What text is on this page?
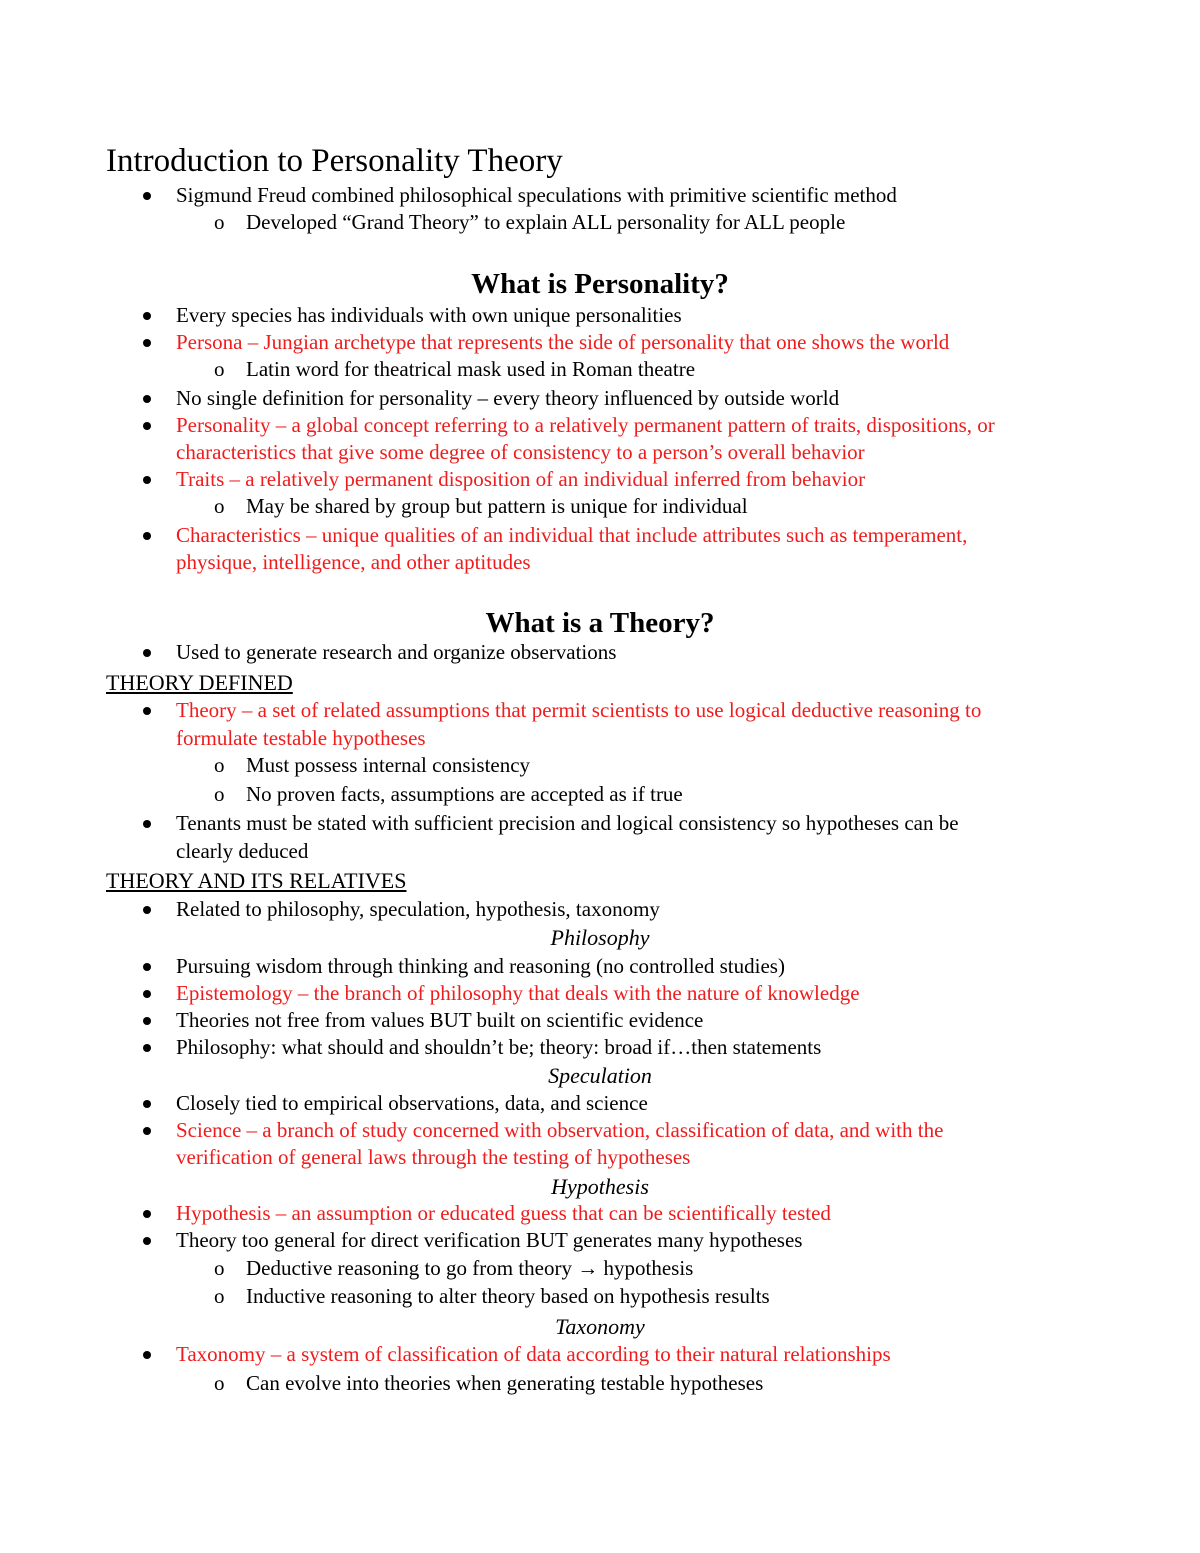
Introduction to Personality Theory
Sigmund Freud combined philosophical speculations with primitive scientific method
o Developed “Grand Theory” to explain ALL personality for ALL people
What is Personality?
Every species has individuals with own unique personalities
Persona – Jungian archetype that represents the side of personality that one shows the world
o Latin word for theatrical mask used in Roman theatre
No single definition for personality – every theory influenced by outside world
Personality – a global concept referring to a relatively permanent pattern of traits, dispositions, or
characteristics that give some degree of consistency to a person’s overall behavior
Traits – a relatively permanent disposition of an individual inferred from behavior
o May be shared by group but pattern is unique for individual
Characteristics – unique qualities of an individual that include attributes such as temperament,
physique, intelligence, and other aptitudes
What is a Theory?
Used to generate research and organize observations
THEORY DEFINED
Theory – a set of related assumptions that permit scientists to use logical deductive reasoning to
formulate testable hypotheses
o Must possess internal consistency
o No proven facts, assumptions are accepted as if true
Tenants must be stated with sufficient precision and logical consistency so hypotheses can be
clearly deduced
THEORY AND ITS RELATIVES
Related to philosophy, speculation, hypothesis, taxonomy
Philosophy
Pursuing wisdom through thinking and reasoning (no controlled studies)
Epistemology – the branch of philosophy that deals with the nature of knowledge
Theories not free from values BUT built on scientific evidence
Philosophy: what should and shouldn’t be; theory: broad if…then statements
Speculation
Closely tied to empirical observations, data, and science
Science – a branch of study concerned with observation, classification of data, and with the
verification of general laws through the testing of hypotheses
Hypothesis
Hypothesis – an assumption or educated guess that can be scientifically tested
Theory too general for direct verification BUT generates many hypotheses
o Deductive reasoning to go from theory → hypothesis
o Inductive reasoning to alter theory based on hypothesis results
Taxonomy
Taxonomy – a system of classification of data according to their natural relationships
o Can evolve into theories when generating testable hypotheses
